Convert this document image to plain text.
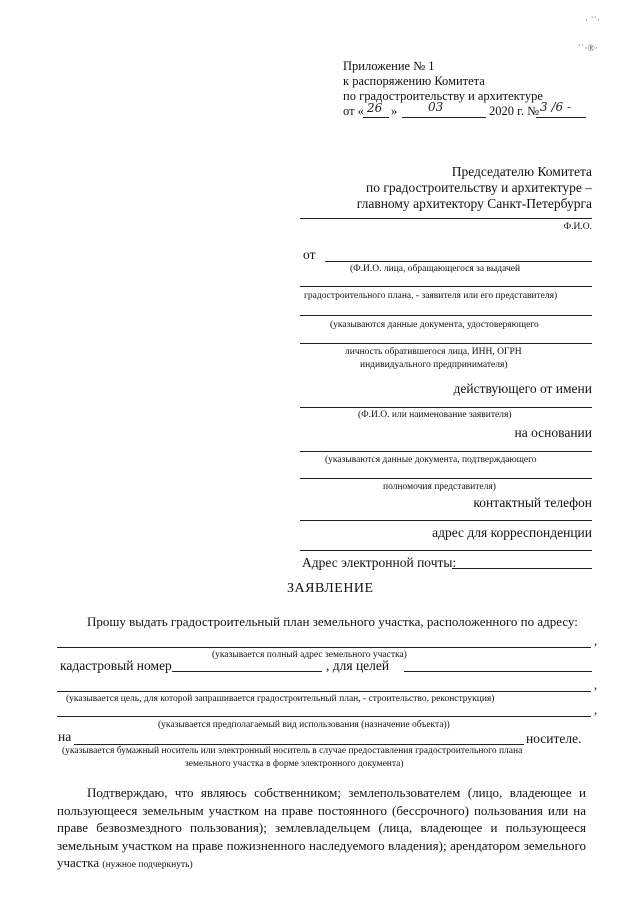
· ˙´·
´˙·®·
Приложение № 1
к распоряжению Комитета
по градостроительству и архитектуре
от « 26 »	03	2020 г. № 3 /6 -
Председателю Комитета
по градостроительству и архитектуре –
главному архитектору Санкт-Петербурга
Ф.И.О.
от
(Ф.И.О. лица, обращающегося за выдачей
градостроительного плана, - заявителя или его представителя)
(указываются данные документа, удостоверяющего
личность обратившегося лица, ИНН, ОГРН
индивидуального предпринимателя)
действующего от имени
(Ф.И.О. или наименование заявителя)
на основании
(указываются данные документа, подтверждающего
полномочия представителя)
контактный телефон
адрес для корреспонденции
Адрес электронной почты:
ЗАЯВЛЕНИЕ
Прошу выдать градостроительный план земельного участка, расположенного по адресу:
,
(указывается полный адрес земельного участка)
кадастровый номер	, для целей
,
(указывается цель, для которой запрашивается градостроительный план, - строительство, реконструкция)
,
(указывается предполагаемый вид использования (назначение объекта))
на	носителе.
(указывается бумажный носитель или электронный носитель в случае предоставления градостроительного плана
земельного участка в форме электронного документа)
Подтверждаю, что являюсь собственником; землепользователем (лицо, владеющее и пользующееся земельным участком на праве постоянного (бессрочного) пользования или на праве безвозмездного пользования); землевладельцем (лица, владеющее и пользующееся земельным участком на праве пожизненного наследуемого владения); арендатором земельного участка (нужное подчеркнуть)
